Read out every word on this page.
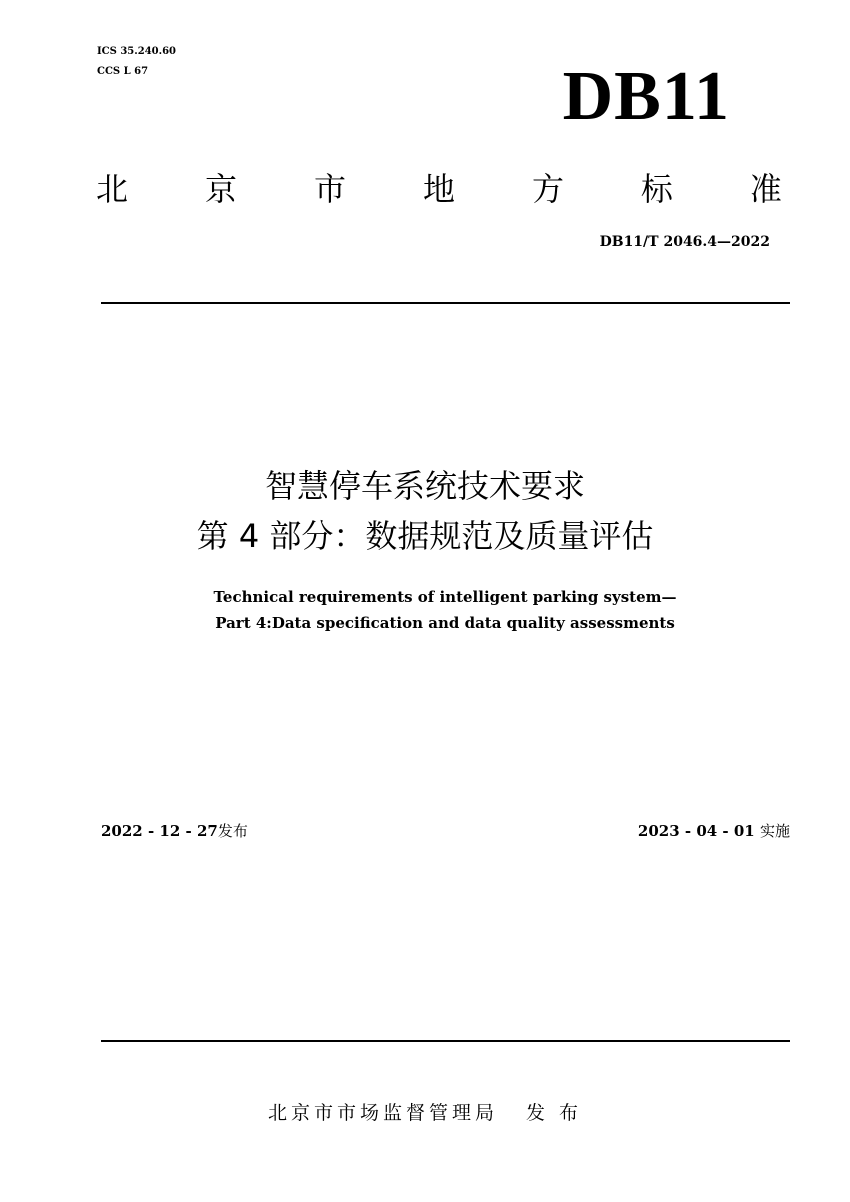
ICS 35.240.60
CCS L 67	DB11
北 京 市 地 方 标 准
DB11/T 2046.4—2022
智慧停车系统技术要求
第 4 部分：数据规范及质量评估
Technical requirements of intelligent parking system—
Part 4:Data specification and data quality assessments
2022 - 12 - 27发布	2023 - 04 - 01 实施
北京市市场监督管理局 发 布
